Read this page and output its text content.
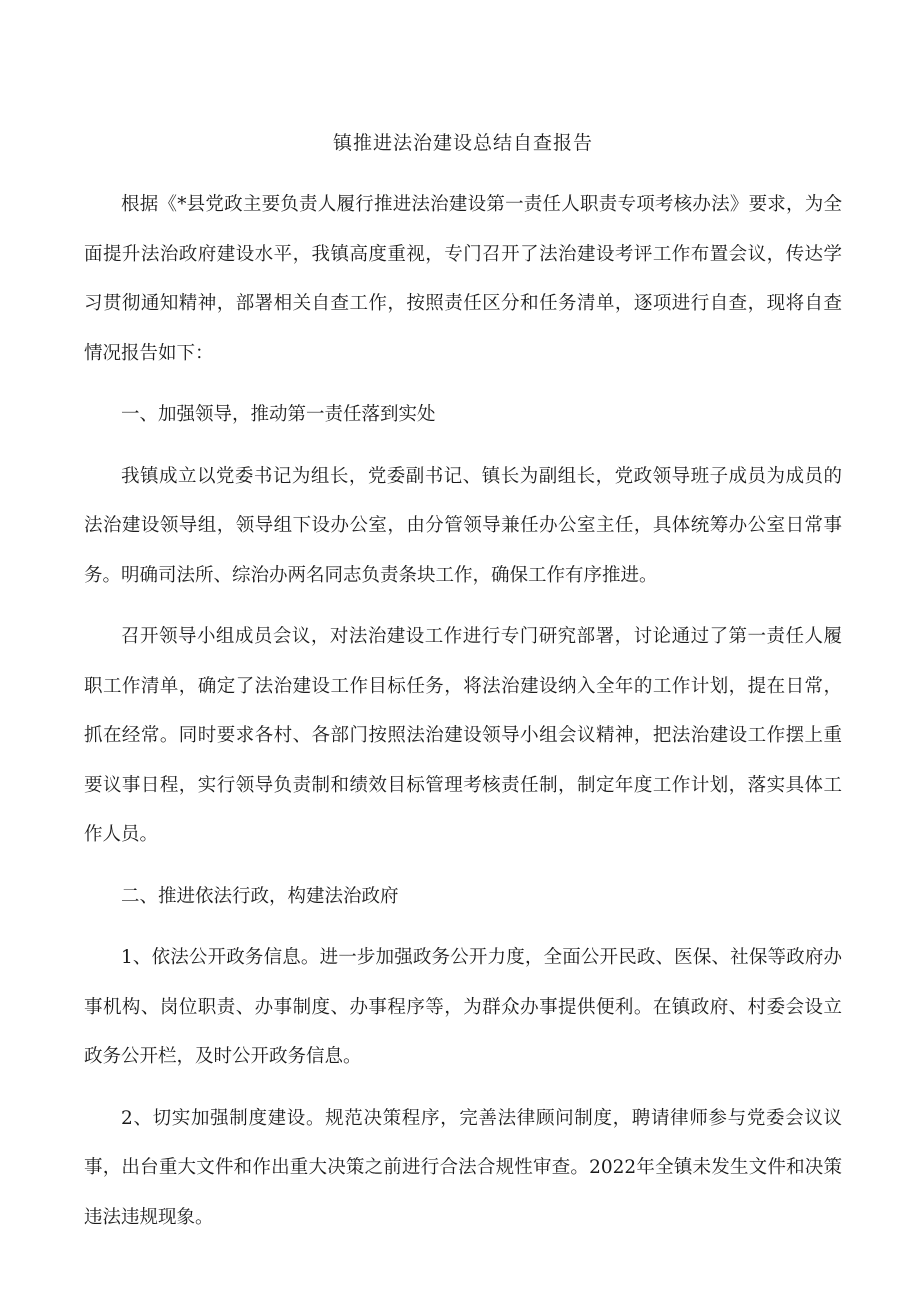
镇推进法治建设总结自查报告

根据《*县党政主要负责人履行推进法治建设第一责任人职责专项考核办法》要求，为全面提升法治政府建设水平，我镇高度重视，专门召开了法治建设考评工作布置会议，传达学习贯彻通知精神，部署相关自查工作，按照责任区分和任务清单，逐项进行自查，现将自查情况报告如下：

一、加强领导，推动第一责任落到实处

我镇成立以党委书记为组长，党委副书记、镇长为副组长，党政领导班子成员为成员的法治建设领导组，领导组下设办公室，由分管领导兼任办公室主任，具体统筹办公室日常事务。明确司法所、综治办两名同志负责条块工作，确保工作有序推进。

召开领导小组成员会议，对法治建设工作进行专门研究部署，讨论通过了第一责任人履职工作清单，确定了法治建设工作目标任务，将法治建设纳入全年的工作计划，提在日常，抓在经常。同时要求各村、各部门按照法治建设领导小组会议精神，把法治建设工作摆上重要议事日程，实行领导负责制和绩效目标管理考核责任制，制定年度工作计划，落实具体工作人员。

二、推进依法行政，构建法治政府

1、依法公开政务信息。进一步加强政务公开力度，全面公开民政、医保、社保等政府办事机构、岗位职责、办事制度、办事程序等，为群众办事提供便利。在镇政府、村委会设立政务公开栏，及时公开政务信息。

2、切实加强制度建设。规范决策程序，完善法律顾问制度，聘请律师参与党委会议议事，出台重大文件和作出重大决策之前进行合法合规性审查。2022年全镇未发生文件和决策违法违规现象。
